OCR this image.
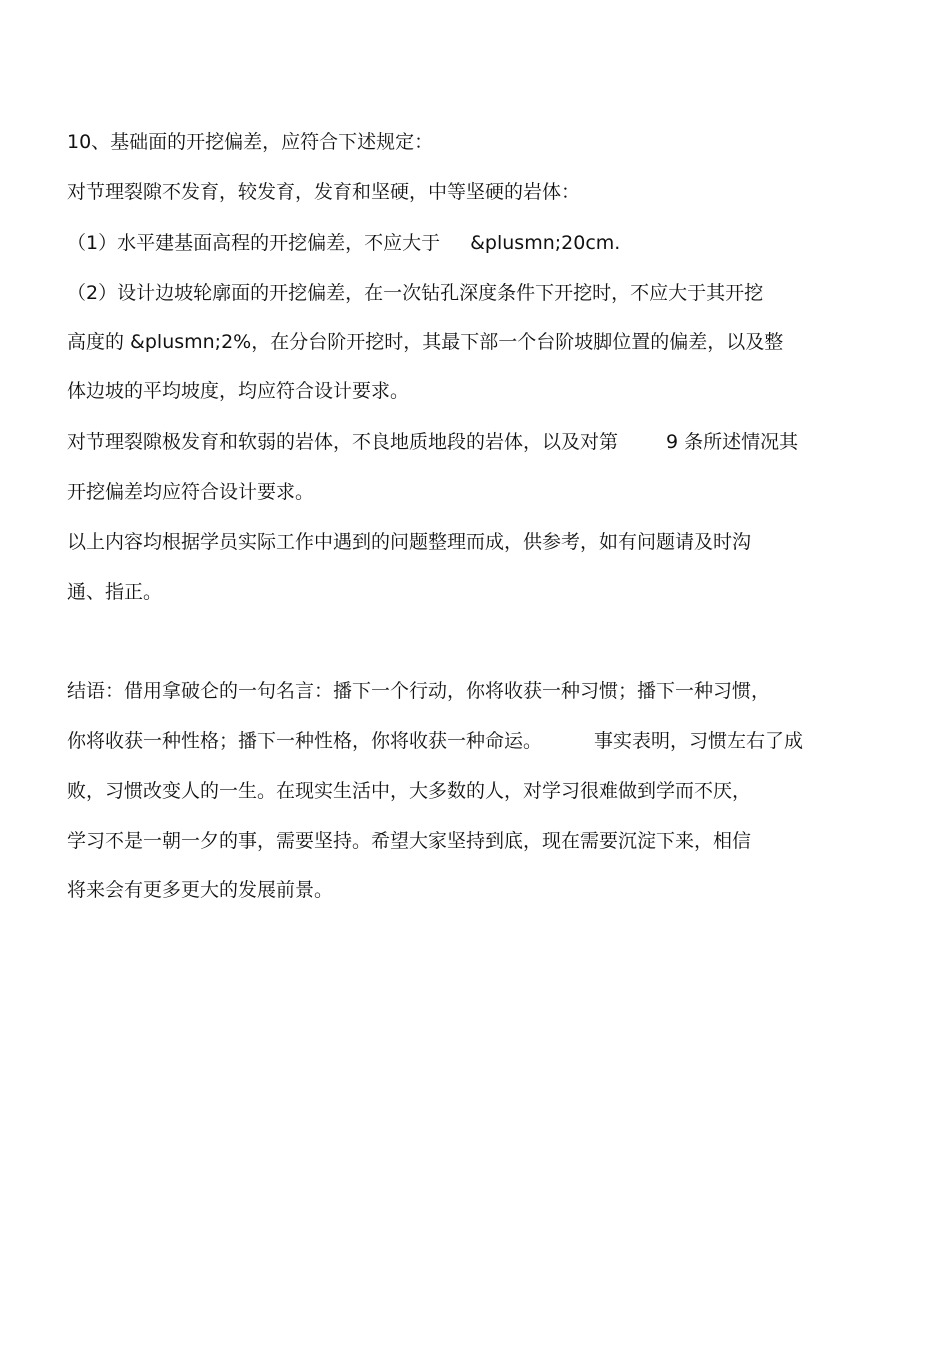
10、基础面的开挖偏差，应符合下述规定：
对节理裂隙不发育，较发育，发育和坚硬，中等坚硬的岩体：
（1）水平建基面高程的开挖偏差，不应大于 &plusmn;20cm.
（2）设计边坡轮廓面的开挖偏差，在一次钻孔深度条件下开挖时，不应大于其开挖
高度的 &plusmn;2%，在分台阶开挖时，其最下部一个台阶坡脚位置的偏差，以及整
体边坡的平均坡度，均应符合设计要求。
对节理裂隙极发育和软弱的岩体，不良地质地段的岩体，以及对第	9 条所述情况其
开挖偏差均应符合设计要求。
以上内容均根据学员实际工作中遇到的问题整理而成，供参考，如有问题请及时沟
通、指正。
结语：借用拿破仑的一句名言：播下一个行动，你将收获一种习惯；播下一种习惯，
你将收获一种性格；播下一种性格，你将收获一种命运。	事实表明，习惯左右了成
败，习惯改变人的一生。在现实生活中，大多数的人，对学习很难做到学而不厌，
学习不是一朝一夕的事，需要坚持。希望大家坚持到底，现在需要沉淀下来，相信
将来会有更多更大的发展前景。
